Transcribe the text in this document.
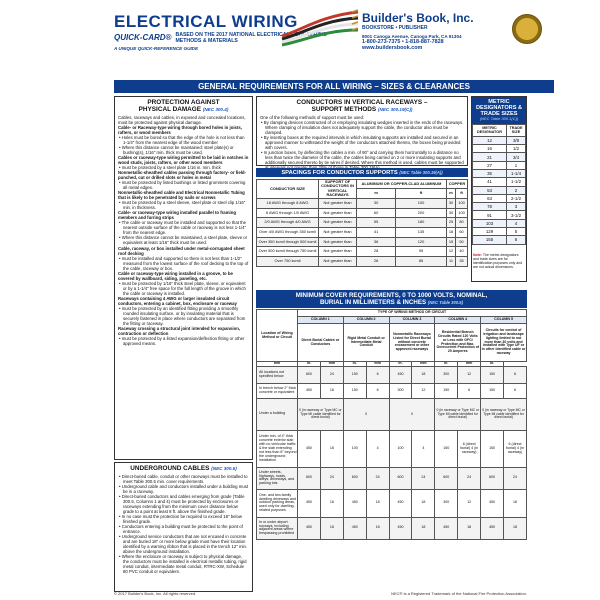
ELECTRICAL WIRING
QUICK-CARD® BASED ON THE 2017 NATIONAL ELECTRICAL CODE WIRING METHODS & MATERIALS
A UNIQUE QUICK-REFERENCE GUIDE
Builder's Book, Inc.
BOOKSTORE • PUBLISHER
8001 Canoga Avenue, Canoga Park, CA 91304
1-800-273-7375 • 1-818-887-7828
www.buildersbook.com
GENERAL REQUIREMENTS FOR ALL WIRING – SIZES & CLEARANCES
PROTECTION AGAINST
PHYSICAL DAMAGE (NEC 300.4)
Cables, raceways and cables, in exposed and concealed locations, must be protected against physical damage.
Cable- or Raceway-type wiring through bored holes in joists, rafters, or wood members
• Holes must be bored so that the edge of the hole is not less than 1-1/4" from the nearest edge of the wood member
• Where this distance cannot be maintained: steel plate(s) or bushing(s), 1/16" min. thick must be used.
Cables or raceway-type wiring permitted to be laid in notches in wood studs, joists, rafters, or other wood members
• must be protected by a steel plate 1/16 in. min. thick
Nonmetallic-sheathed cables passing through factory- or field-punched, cut or drilled slots or holes in metal
• must be protected by listed bushings or listed grommets covering all metal edges.
Nonmetallic-sheathed cable and Electrical Nonmetallic Tubing that is likely to be penetrated by nails or screws
• must be protected by a steel sleeve, steel plate or steel clip 1/16" min. in thickness.
Cable- or raceway-type wiring installed parallel to framing members and furring strips
• The cable or raceway must be installed and supported so that the nearest outside surface of the cable or raceway is not less 1-1/4" from the nearest edge.
• Where this distance cannot be maintained, a steel plate, sleeve or equivalent at least 1/16" thick must be used.
Cable, raceway, or box installed under metal-corrugated sheet roof decking
• must be installed and supported so there is not less than 1-1/2" measured from the lowest surface of the roof decking to the top of the cable, raceway or box.
Cable or raceway-type wiring installed in a groove, to be covered by wallboard, siding, paneling, etc.
• must be protected by 1/16" thick steel plate, sleeve, or equivalent or by a 1-1/4" free space for the full length of the groove in which the cable or raceway is installed.
Raceways containing 4 AWG or larger insulated circuit conductors, entering a cabinet, box, enclosure or raceway
• must be protected by an identified fitting providing a smoothly rounded insulating surface, or by insulating material that is securely fastened in place where conductors are separated from the fitting or raceway.
Raceway crossing a structural joint intended for expansion, contraction or deflection
• must be protected by a listed expansion/deflection fitting or other approved means.
UNDERGROUND CABLES (NEC 300.5)
• Direct-buried cable, conduit or other raceways must be installed to meet Table 300.5 min. cover requirements.
• Underground cable and conductors installed under a building must be in a raceway.
• Direct-buried conductors and cables emerging from grade (Table 300.5, Columns 1 and 4) must be protected by enclosures or raceways extending from the minimum cover distance below grade to a point at least 8 ft. above the finished grade.
• In no case must the protection be required to exceed 18" below finished grade.
• Conductors entering a building must be protected to the point of entrance.
• Underground service conductors that are not encased in concrete and are buried 18" or more below grade must have their location identified by a warning ribbon that is placed in the trench 12" min. above the underground installation.
• Where the enclosure or raceway is subject to physical damage, the conductors must be installed in electrical metallic tubing, rigid metal conduit, intermediate metal conduit, RTRC-XW, Schedule 80 PVC conduit or equivalent.
CONDUCTORS IN VERTICAL RACEWAYS –
SUPPORT METHODS (NEC 300.19(C))
One of the following methods of support must be used:
• By clamping devices constructed of or employing insulating wedges inserted in the ends of the raceways. Where clamping of insulation does not adequately support the cable, the conductor also must be clamped.
• By inserting boxes at the required intervals in which insulating supports are installed and secured in an approved manner to withstand the weight of the conductors attached thereto, the boxes being provided with covers.
• In junction boxes, by deflecting the cables a min. of 90° and carrying them horizontally to a distance no less than twice the diameter of the cable, the cables being carried on 2 or more insulating supports and additionally secured thereto by tie wires if desired. Where this method is used, cables must be supported
SPACINGS FOR CONDUCTOR SUPPORTS (NEC Table 300.19(A))
CONDUCTOR SIZE	SUPPORT OF CONDUCTORS IN VERTICAL RACEWAYS	ALUMINUM OR COPPER-CLAD ALUMINUM		COPPER	
		m	ft	m	ft
18 AWG through 8 AWG	Not greater than	30	100	30	100
6 AWG through 1/0 AWG	Not greater than	60	200	30	100
2/0 AWG through 4/0 AWG	Not greater than	55	180	25	80
Over 4/0 AWG through 350 kcmil	Not greater than	41	135	18	60
Over 350 kcmil through 500 kcmil	Not greater than	36	120	15	50
Over 500 kcmil through 750 kcmil	Not greater than	28	95	12	40
Over 750 kcmil	Not greater than	26	85	11	35
METRIC DESIGNATORS & TRADE SIZES
(NEC Table 300.1(C))
METRIC DESIGNATOR	TRADE SIZE
12	3/8
16	1/2
21	3/4
27	1
35	1-1/4
41	1-1/2
53	2
63	2-1/2
78	3
91	3-1/2
103	4
129	5
155	6
Note: The metric designators and trade sizes are for identification purposes only and are not actual dimensions.
MINIMUM COVER REQUIREMENTS, 0 TO 1000 VOLTS, NOMINAL,
BURIAL IN MILLIMETERS & INCHES (NEC Table 300.5)
Location of Wiring Method or Circuit	TYPE OF WIRING METHOD OR CIRCUIT									
	COLUMN 1		COLUMN 2		COLUMN 3		COLUMN 4		COLUMN 5	
	Direct Burial Cables or Conductors		Rigid Metal Conduit or Intermediate Metal Conduit		Nonmetallic Raceways Listed for Direct Burial without concrete encasement or other approved raceways		Residential Branch Circuits Rated 120 Volts or Less with GFCI Protection and Max. Overcurrent Protection of 20 Amperes		Circuits for control of irrigation and landscape lighting limited to not more than 30 volts and installed with Type UF or in other identified cable or raceway	
mm	in.	mm	in.	mm	in.	mm	in.	mm	in.	
All locations not specified below	600	24	150	6	450	18	300	12	150	6
In trench below 2" thick concrete or equivalent	450	18	150	6	300	12	150	6	150	6
Under a building	0 (in raceway or Type MC or Type MI cable identified for direct burial)		0		0		0 (in raceway or Type MC or Type MI cable identified for direct burial)		0 (in raceway or Type MC or Type MI cable identified for direct burial)	
Under min. of 4" thick concrete exterior slab with no vehicular traffic & the slab extending not less than 6" beyond the underground installation	450	18	100	4	100	4	150	6 (direct burial) 4 (in raceway)	150	6 (direct burial) 4 (in raceway)
Under streets, highways, roads, alleys, driveways, and parking lots	600	24	600	24	600	24	600	24	600	24
One- and two-family dwelling driveways and outdoor parking areas, used only for dwelling-related purposes	450	18	450	18	450	18	300	12	450	18
In or under airport runways, including adjacent areas where trespassing prohibited	450	18	450	18	450	18	450	18	450	18
© 2017 Builder's Book, Inc. All rights reserved.	NEC® is a Registered Trademark of the National Fire Protection Association.
